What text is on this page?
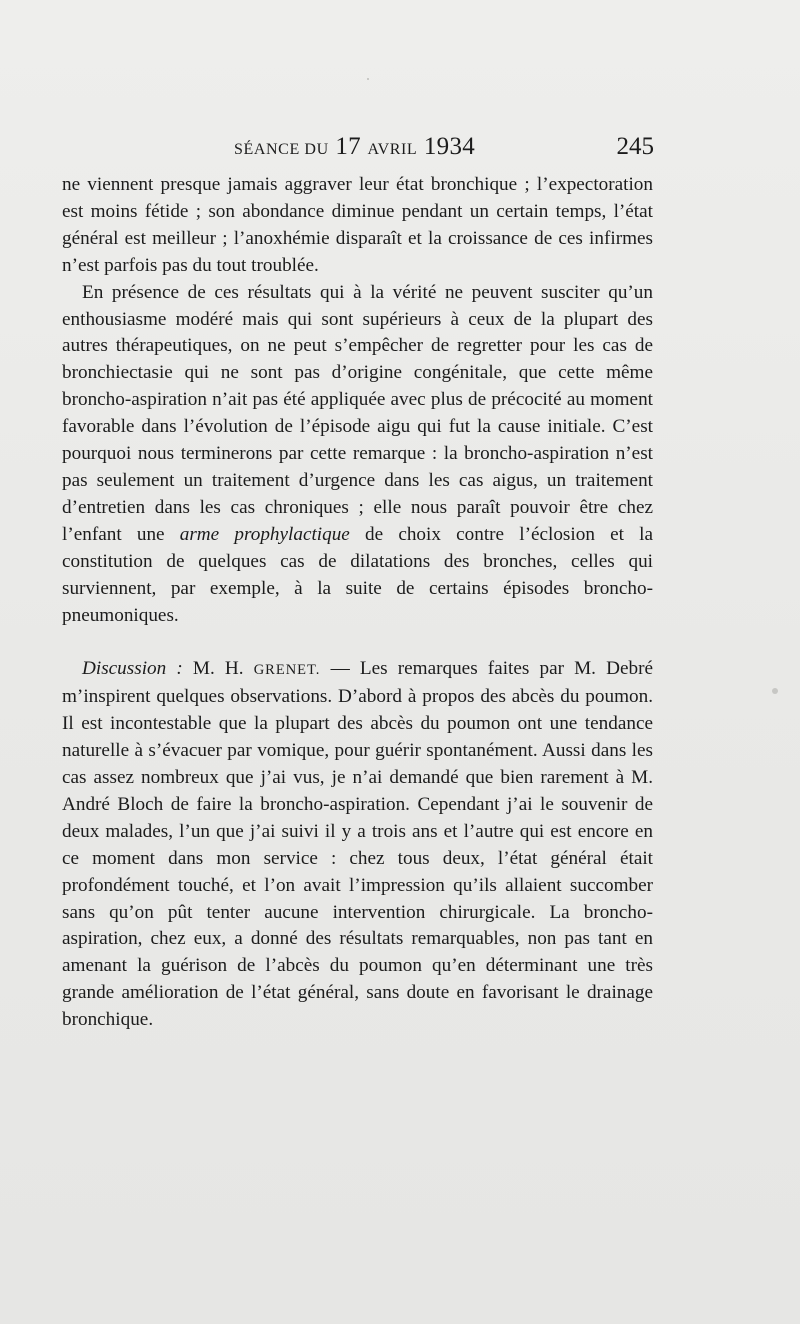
SÉANCE DU 17 AVRIL 1934	245

ne viennent presque jamais aggraver leur état bronchique ; l’expectoration est moins fétide ; son abondance diminue pendant un certain temps, l’état général est meilleur ; l’anoxhémie disparaît et la croissance de ces infirmes n’est parfois pas du tout troublée.

En présence de ces résultats qui à la vérité ne peuvent susciter qu’un enthousiasme modéré mais qui sont supérieurs à ceux de la plupart des autres thérapeutiques, on ne peut s’empêcher de regretter pour les cas de bronchiectasie qui ne sont pas d’origine congénitale, que cette même broncho-aspiration n’ait pas été appliquée avec plus de précocité au moment favorable dans l’évolution de l’épisode aigu qui fut la cause initiale. C’est pourquoi nous terminerons par cette remarque : la broncho-aspiration n’est pas seulement un traitement d’urgence dans les cas aigus, un traitement d’entretien dans les cas chroniques ; elle nous paraît pouvoir être chez l’enfant une arme prophylactique de choix contre l’éclosion et la constitution de quelques cas de dilatations des bronches, celles qui surviennent, par exemple, à la suite de certains épisodes broncho-pneumoniques.

Discussion : M. H. GRENET. — Les remarques faites par M. Debré m’inspirent quelques observations. D’abord à propos des abcès du poumon. Il est incontestable que la plupart des abcès du poumon ont une tendance naturelle à s’évacuer par vomique, pour guérir spontanément. Aussi dans les cas assez nombreux que j’ai vus, je n’ai demandé que bien rarement à M. André Bloch de faire la broncho-aspiration. Cependant j’ai le souvenir de deux malades, l’un que j’ai suivi il y a trois ans et l’autre qui est encore en ce moment dans mon service : chez tous deux, l’état général était profondément touché, et l’on avait l’impression qu’ils allaient succomber sans qu’on pût tenter aucune intervention chirurgicale. La broncho-aspiration, chez eux, a donné des résultats remarquables, non pas tant en amenant la guérison de l’abcès du poumon qu’en déterminant une très grande amélioration de l’état général, sans doute en favorisant le drainage bronchique.
